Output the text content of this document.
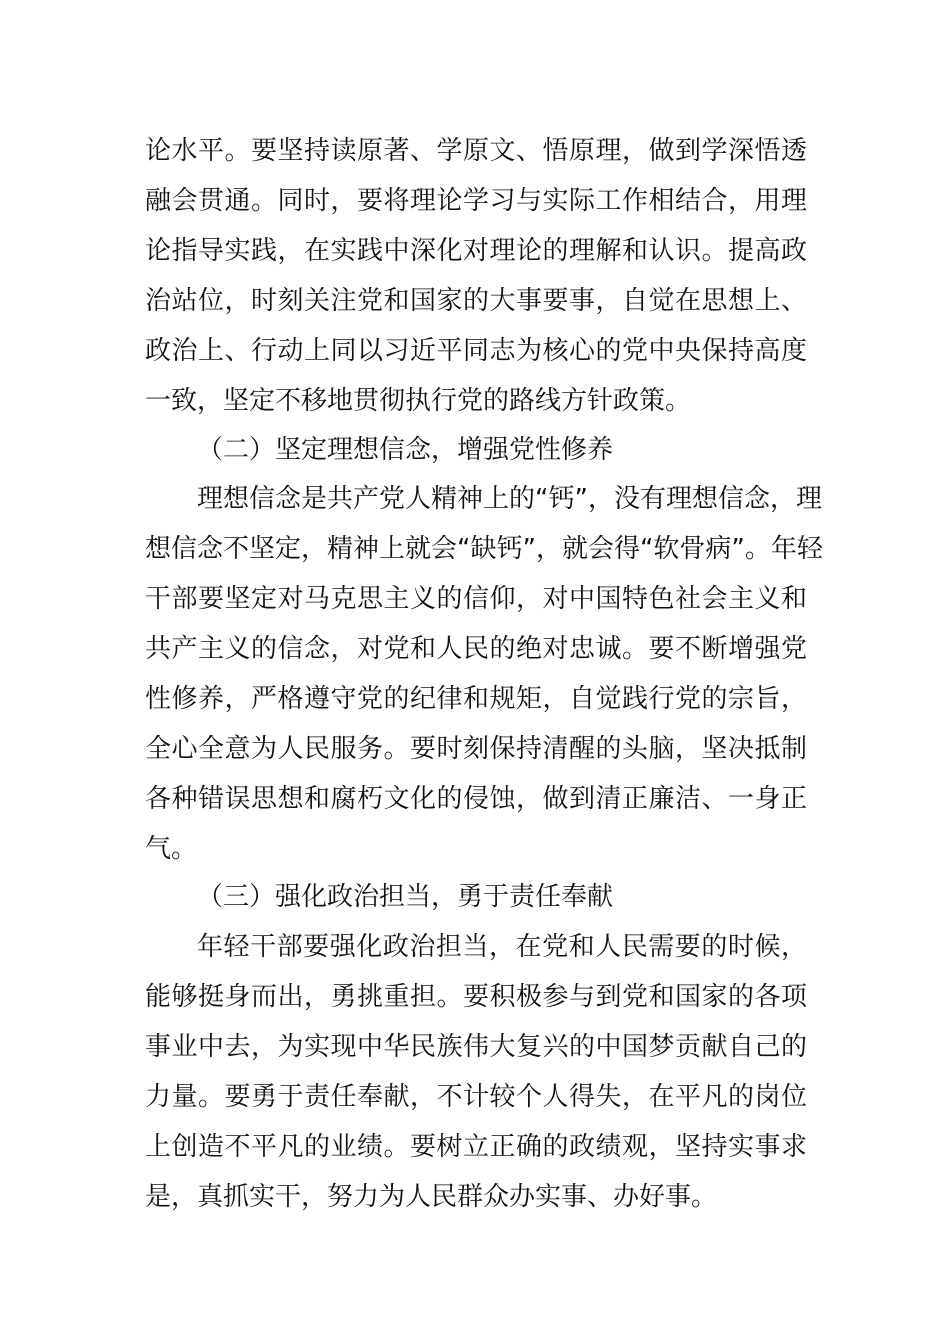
论水平。要坚持读原著、学原文、悟原理，做到学深悟透
融会贯通。同时，要将理论学习与实际工作相结合，用理
论指导实践，在实践中深化对理论的理解和认识。提高政
治站位，时刻关注党和国家的大事要事，自觉在思想上、
政治上、行动上同以习近平同志为核心的党中央保持高度
一致，坚定不移地贯彻执行党的路线方针政策。
（二）坚定理想信念，增强党性修养
理想信念是共产党人精神上的“钙”，没有理想信念，理
想信念不坚定，精神上就会“缺钙”，就会得“软骨病”。年轻
干部要坚定对马克思主义的信仰，对中国特色社会主义和
共产主义的信念，对党和人民的绝对忠诚。要不断增强党
性修养，严格遵守党的纪律和规矩，自觉践行党的宗旨，
全心全意为人民服务。要时刻保持清醒的头脑，坚决抵制
各种错误思想和腐朽文化的侵蚀，做到清正廉洁、一身正
气。
（三）强化政治担当，勇于责任奉献
年轻干部要强化政治担当，在党和人民需要的时候，
能够挺身而出，勇挑重担。要积极参与到党和国家的各项
事业中去，为实现中华民族伟大复兴的中国梦贡献自己的
力量。要勇于责任奉献，不计较个人得失，在平凡的岗位
上创造不平凡的业绩。要树立正确的政绩观，坚持实事求
是，真抓实干，努力为人民群众办实事、办好事。
